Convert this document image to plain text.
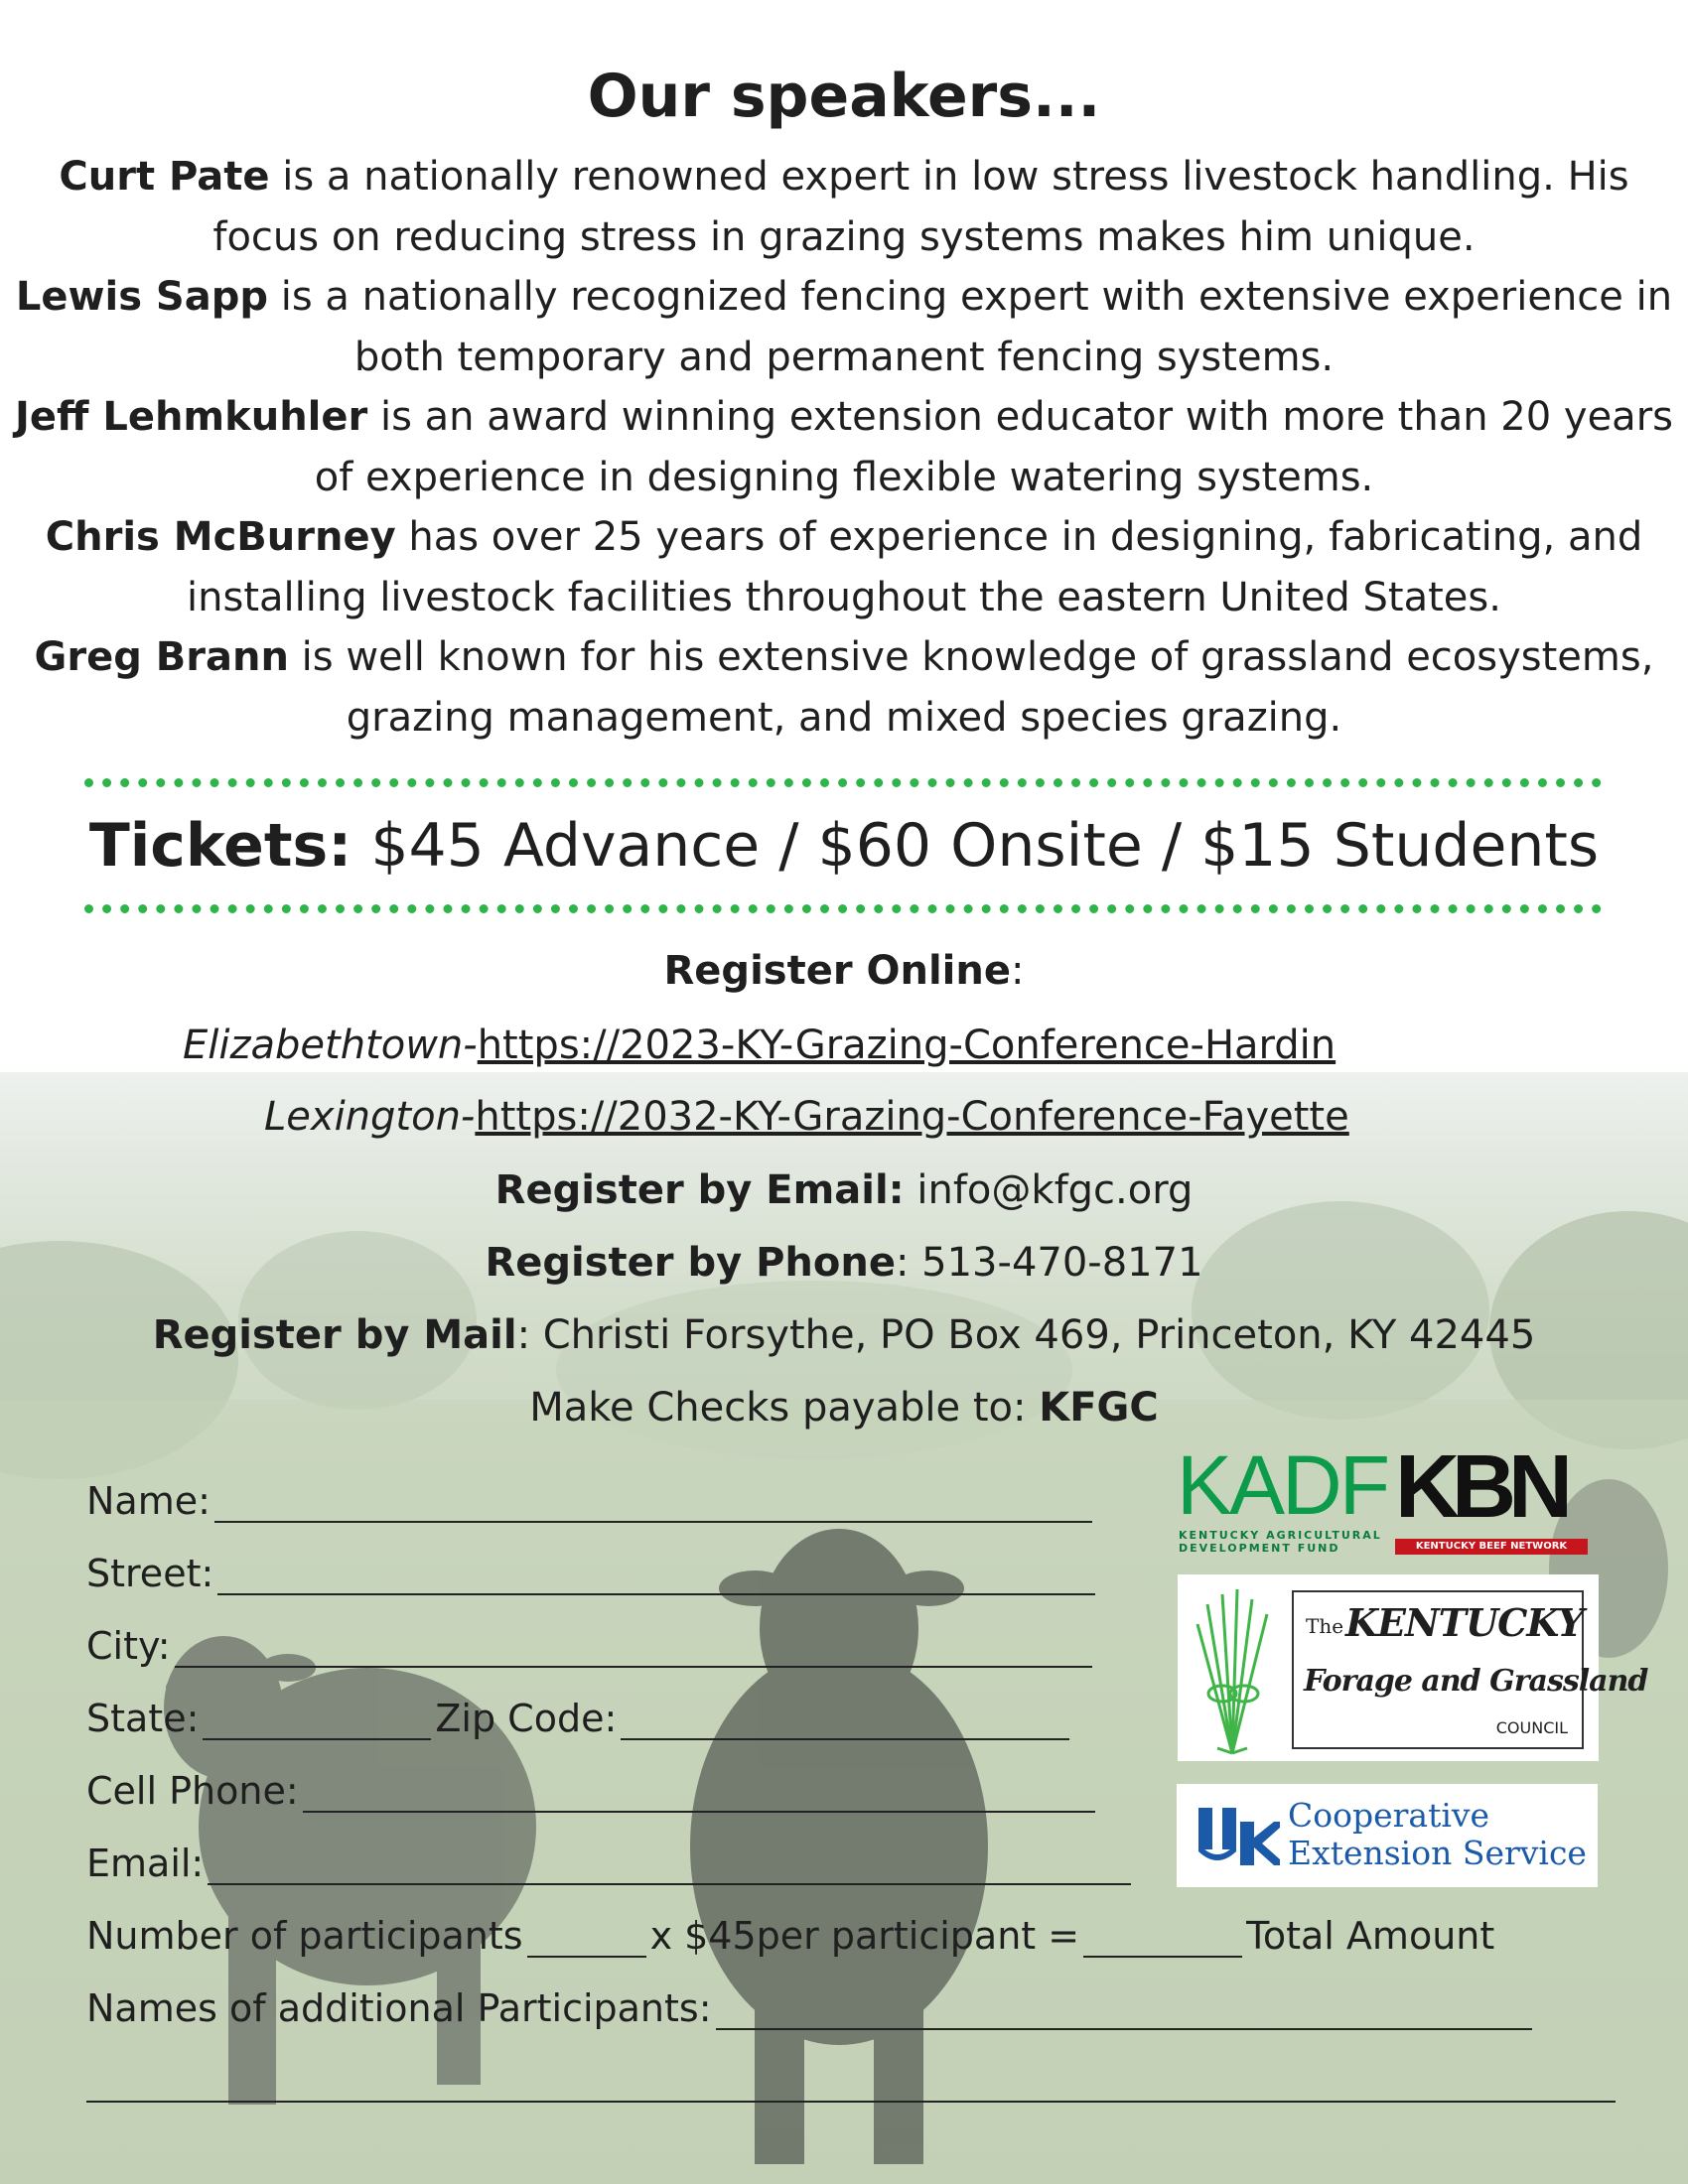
Our speakers...

Curt Pate is a nationally renowned expert in low stress livestock handling. His focus on reducing stress in grazing systems makes him unique.

Lewis Sapp is a nationally recognized fencing expert with extensive experience in both temporary and permanent fencing systems.

Jeff Lehmkuhler is an award winning extension educator with more than 20 years of experience in designing flexible watering systems.

Chris McBurney has over 25 years of experience in designing, fabricating, and installing livestock facilities throughout the eastern United States.

Greg Brann is well known for his extensive knowledge of grassland ecosystems, grazing management, and mixed species grazing.

Tickets: $45 Advance / $60 Onsite / $15 Students
Register Online:
Elizabethtown-https://2023-KY-Grazing-Conference-Hardin
Lexington-https://2032-KY-Grazing-Conference-Fayette
Register by Email: info@kfgc.org
Register by Phone: 513-470-8171
Register by Mail: Christi Forsythe, PO Box 469, Princeton, KY 42445
Make Checks payable to: KFGC
Name:
Street:
City:
State:	Zip Code:
Cell Phone:
Email:
Number of participants	x $45per participant =	Total Amount
Names of additional Participants:
KADF
KENTUCKY AGRICULTURAL
DEVELOPMENT FUND
KBN
KENTUCKY BEEF NETWORK
The KENTUCKY
Forage and Grassland
COUNCIL
Cooperative
Extension Service
